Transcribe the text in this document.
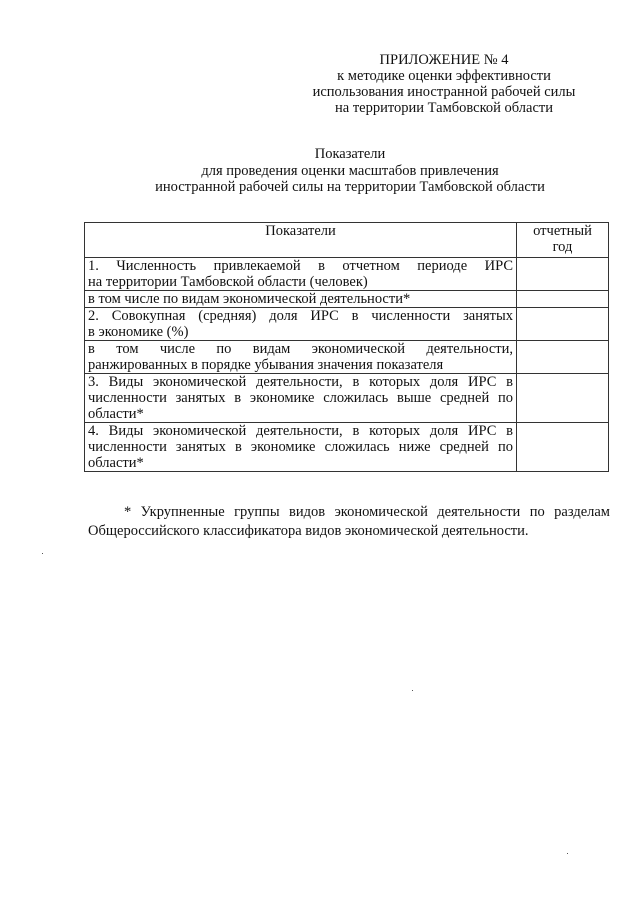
ПРИЛОЖЕНИЕ № 4
к методике оценки эффективности
использования иностранной рабочей силы
на территории Тамбовской области
Показатели
для проведения оценки масштабов привлечения
иностранной рабочей силы на территории Тамбовской области
Показатели	отчетный
год

1. Численность привлекаемой в отчетном периоде ИРС
на территории Тамбовской области (человек)	

в том числе по видам экономической деятельности*	

2. Совокупная (средняя) доля ИРС в численности занятых
в экономике (%)	

в том числе по видам экономической деятельности,
ранжированных в порядке убывания значения показателя	

3. Виды экономической деятельности, в которых доля ИРС в
численности занятых в экономике сложилась выше средней по
области*	

4. Виды экономической деятельности, в которых доля ИРС в
численности занятых в экономике сложилась ниже средней по
области*	

* Укрупненные группы видов экономической деятельности по разделам Общероссийского классификатора видов экономической деятельности.
